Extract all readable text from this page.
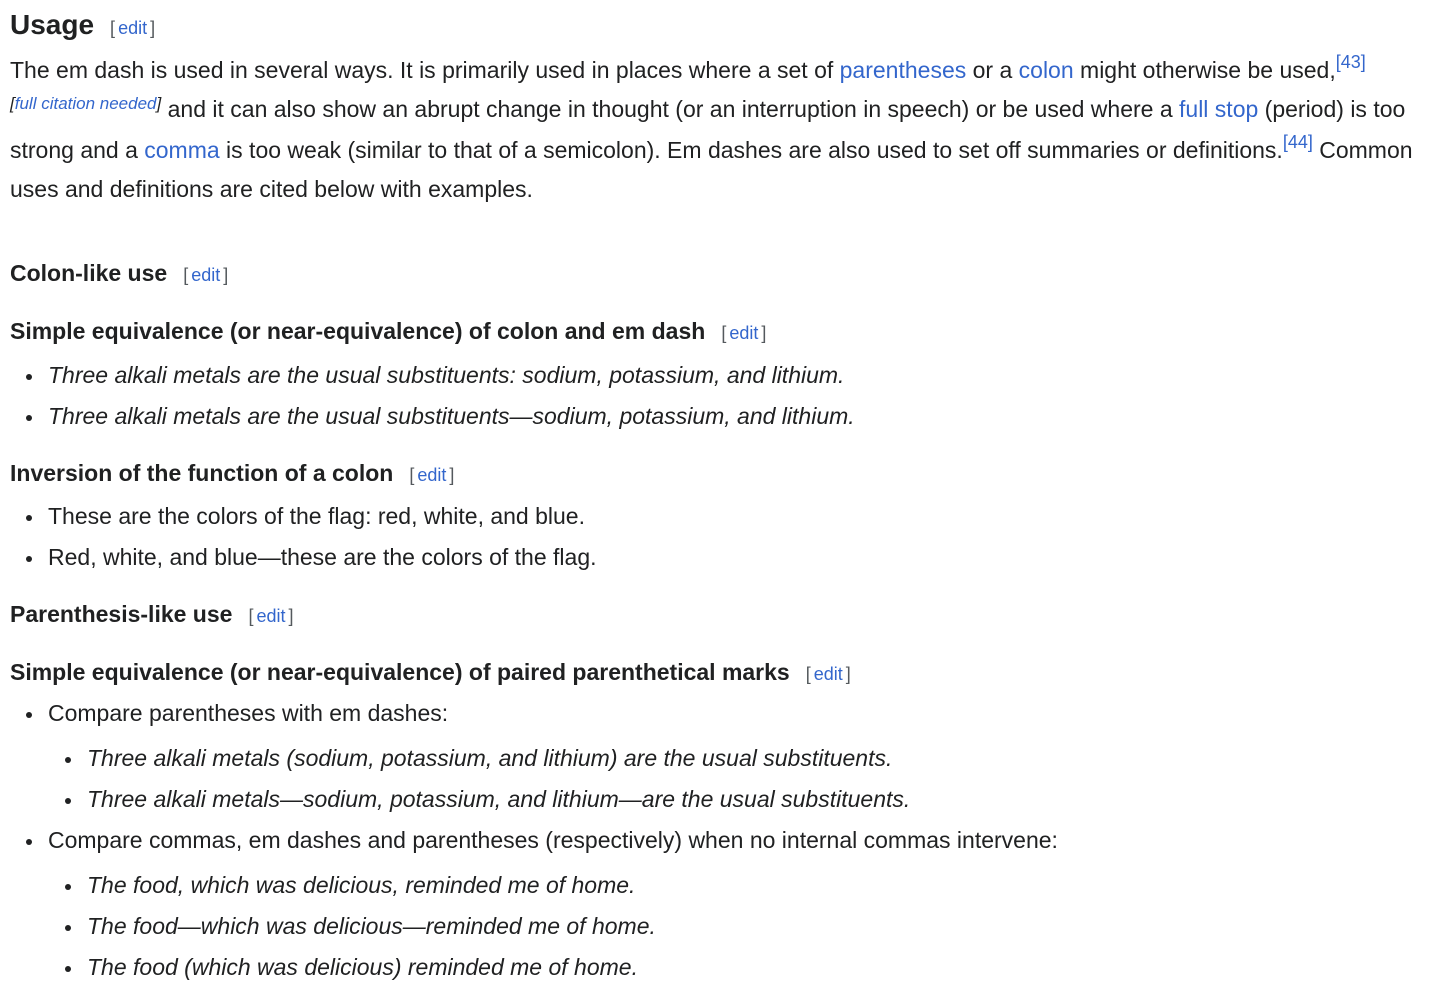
Usage [ edit ]

The em dash is used in several ways. It is primarily used in places where a set of parentheses or a colon might otherwise be used,[43]
[full citation needed] and it can also show an abrupt change in thought (or an interruption in speech) or be used where a full stop (period) is too strong and a comma is too weak (similar to that of a semicolon). Em dashes are also used to set off summaries or definitions.[44] Common uses and definitions are cited below with examples.

Colon-like use [ edit ]
Simple equivalence (or near-equivalence) of colon and em dash [ edit ]
Three alkali metals are the usual substituents: sodium, potassium, and lithium.
Three alkali metals are the usual substituents—sodium, potassium, and lithium.
Inversion of the function of a colon [ edit ]
These are the colors of the flag: red, white, and blue.
Red, white, and blue—these are the colors of the flag.
Parenthesis-like use [ edit ]
Simple equivalence (or near-equivalence) of paired parenthetical marks [ edit ]
Compare parentheses with em dashes:
Three alkali metals (sodium, potassium, and lithium) are the usual substituents.
Three alkali metals—sodium, potassium, and lithium—are the usual substituents.
Compare commas, em dashes and parentheses (respectively) when no internal commas intervene:
The food, which was delicious, reminded me of home.
The food—which was delicious—reminded me of home.
The food (which was delicious) reminded me of home.
